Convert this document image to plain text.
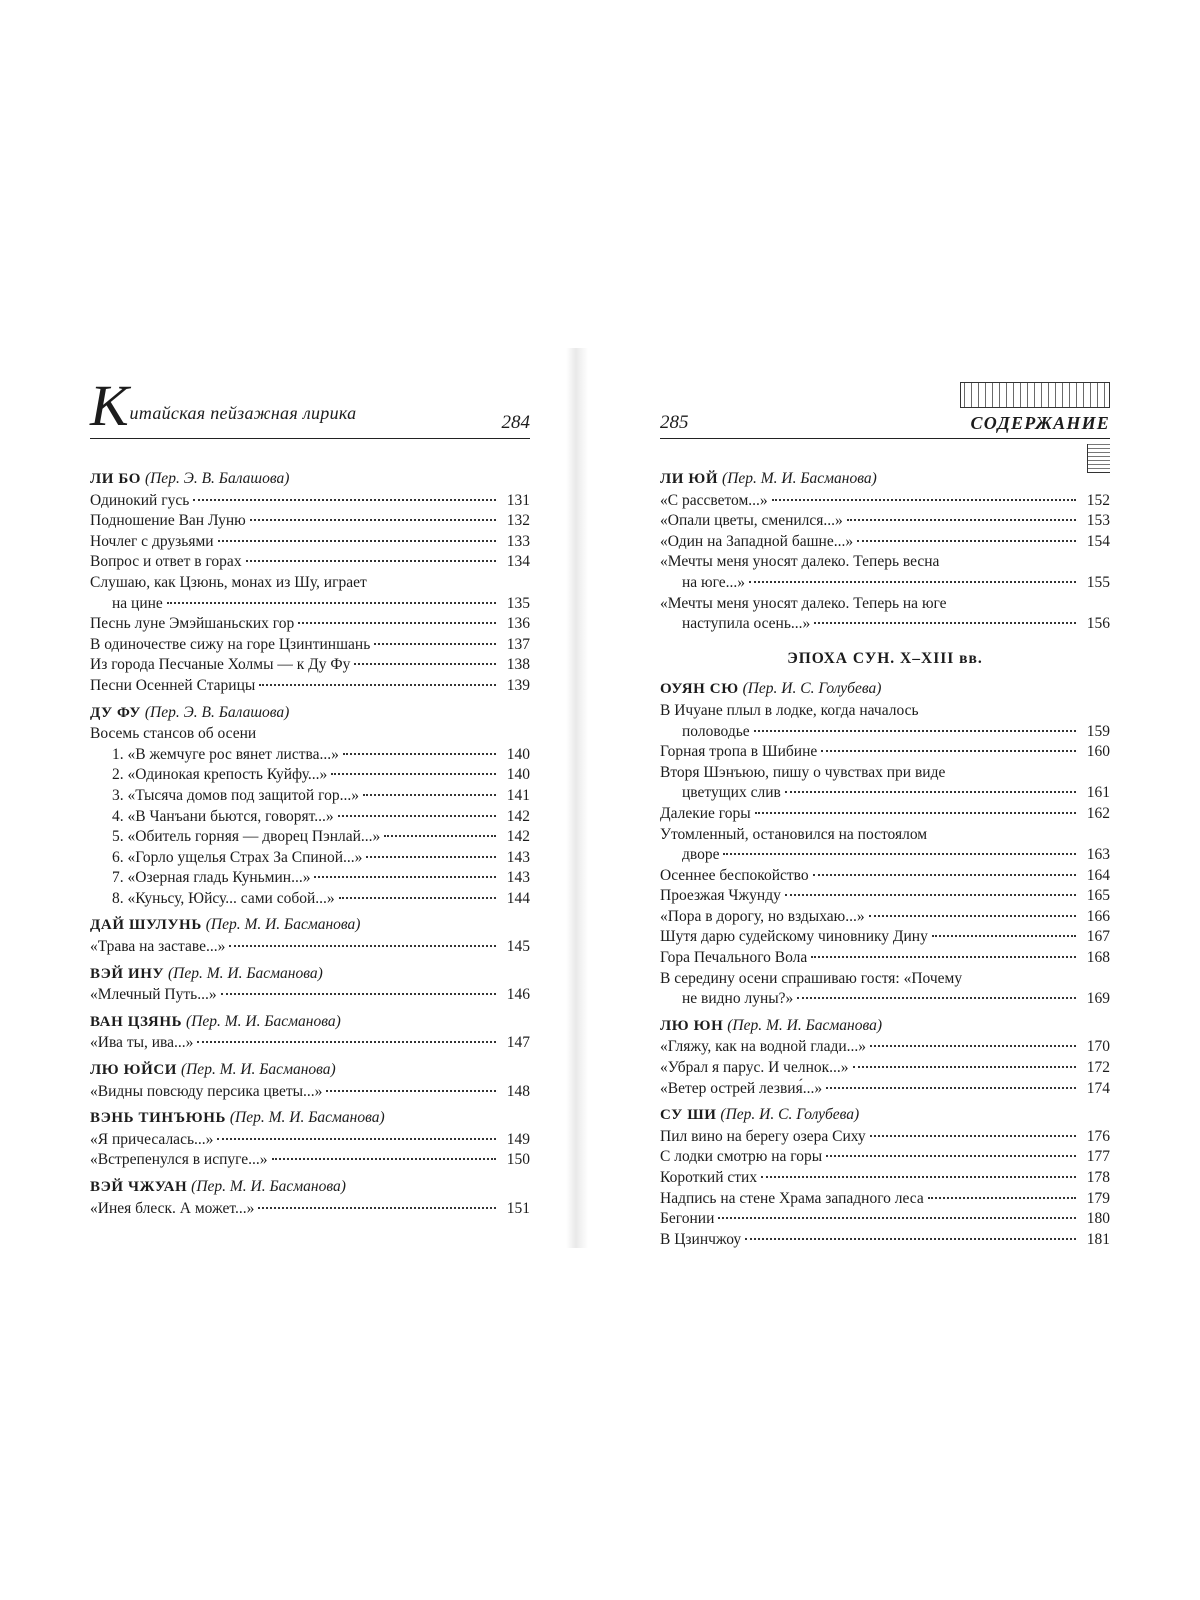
Китайская пейзажная лирика	284
ЛИ БО (Пер. Э. В. Балашова)
Одинокий гусь	131
Подношение Ван Луню	132
Ночлег с друзьями	133
Вопрос и ответ в горах	134
Слушаю, как Цзюнь, монах из Шу, играет
на цине	135
Песнь луне Эмэйшаньских гор	136
В одиночестве сижу на горе Цзинтиншань	137
Из города Песчаные Холмы — к Ду Фу	138
Песни Осенней Старицы	139
ДУ ФУ (Пер. Э. В. Балашова)
Восемь стансов об осени
1. «В жемчуге рос вянет листва...»	140
2. «Одинокая крепость Куйфу...»	140
3. «Тысяча домов под защитой гор...»	141
4. «В Чанъани бьются, говорят...»	142
5. «Обитель горняя — дворец Пэнлай...»	142
6. «Горло ущелья Страх За Спиной...»	143
7. «Озерная гладь Куньмин...»	143
8. «Куньсу, Юйсу... сами собой...»	144
ДАЙ ШУЛУНЬ (Пер. М. И. Басманова)
«Трава на заставе...»	145
ВЭЙ ИНУ (Пер. М. И. Басманова)
«Млечный Путь...»	146
ВАН ЦЗЯНЬ (Пер. М. И. Басманова)
«Ива ты, ива...»	147
ЛЮ ЮЙСИ (Пер. М. И. Басманова)
«Видны повсюду персика цветы...»	148
ВЭНЬ ТИНЪЮНЬ (Пер. М. И. Басманова)
«Я причесалась...»	149
«Встрепенулся в испуге...»	150
ВЭЙ ЧЖУАН (Пер. М. И. Басманова)
«Инея блеск. А может...»	151
285	СОДЕРЖАНИЕ
ЛИ ЮЙ (Пер. М. И. Басманова)
«С рассветом...»	152
«Опали цветы, сменился...»	153
«Один на Западной башне...»	154
«Мечты меня уносят далеко. Теперь весна
на юге...»	155
«Мечты меня уносят далеко. Теперь на юге
наступила осень...»	156
ЭПОХА СУН. X–XIII вв.
ОУЯН СЮ (Пер. И. С. Голубева)
В Ичуане плыл в лодке, когда началось
половодье	159
Горная тропа в Шибине	160
Вторя Шэнъюю, пишу о чувствах при виде
цветущих слив	161
Далекие горы	162
Утомленный, остановился на постоялом
дворе	163
Осеннее беспокойство	164
Проезжая Чжунду	165
«Пора в дорогу, но вздыхаю...»	166
Шутя дарю судейскому чиновнику Дину	167
Гора Печального Вола	168
В середину осени спрашиваю гостя: «Почему
не видно луны?»	169
ЛЮ ЮН (Пер. М. И. Басманова)
«Гляжу, как на водной глади...»	170
«Убрал я парус. И челнок...»	172
«Ветер острей лезвия́...»	174
СУ ШИ (Пер. И. С. Голубева)
Пил вино на берегу озера Сиху	176
С лодки смотрю на горы	177
Короткий стих	178
Надпись на стене Храма западного леса	179
Бегонии	180
В Цзинчжоу	181
